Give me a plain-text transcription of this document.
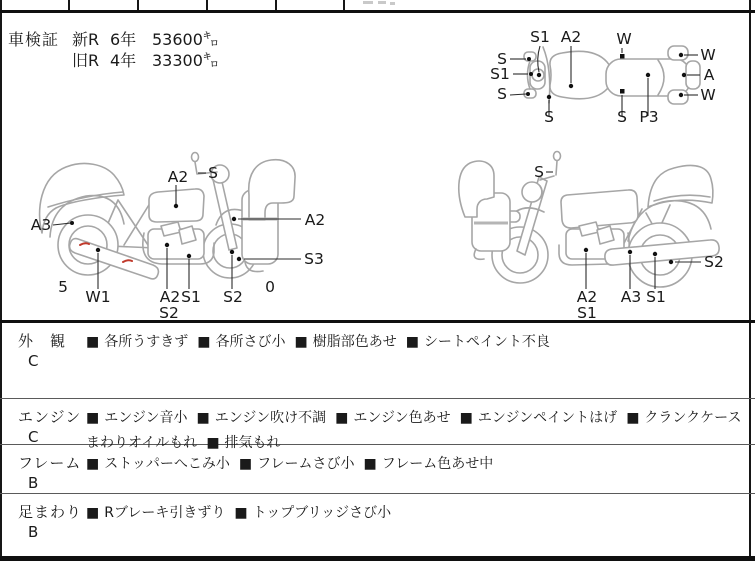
車検証 新R 6年 53600㌔
旧R 4年 33300㌔
S1 A2 W
S
S1
S
S	S P3
W
A
W
A2 S
A3	A2
S3
5
W1	A2
S2
S1 S2
0
S
A2
S1
A3 S1
S2
外　観
C
■ 各所うすきず ■ 各所さび小 ■ 樹脂部色あせ ■ シートペイント不良
エンジン
C
■ エンジン音小 ■ エンジン吹け不調 ■ エンジン色あせ ■ エンジンペイントはげ ■ クランクケースまわりオイルもれ ■ 排気もれ
フレーム
B
■ ストッパーへこみ小 ■ フレームさび小 ■ フレーム色あせ中
足まわり
B
■ Rブレーキ引きずり ■ トップブリッジさび小
